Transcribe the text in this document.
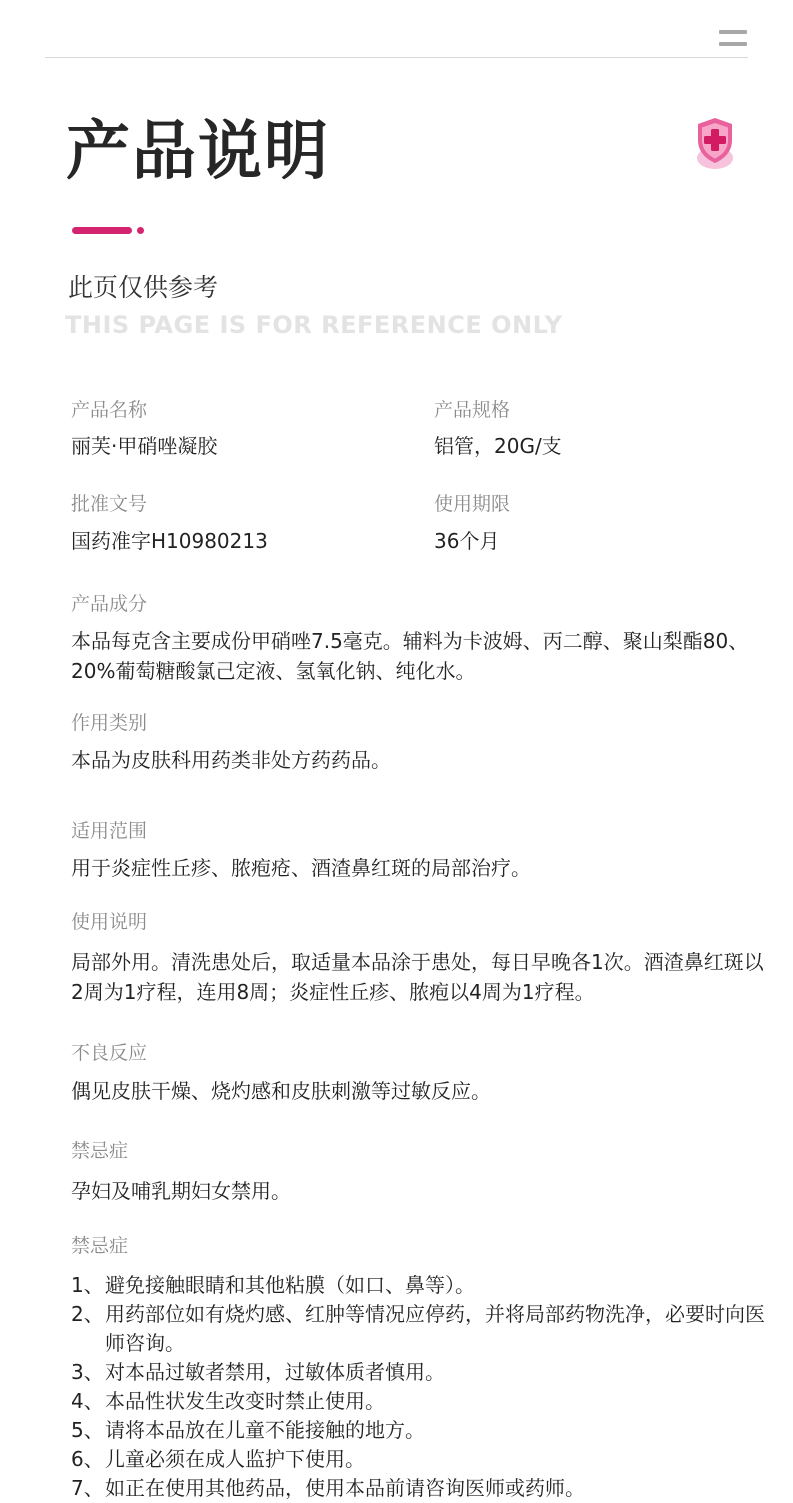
产品说明
此页仅供参考
THIS PAGE IS FOR REFERENCE ONLY
产品名称
丽芙·甲硝唑凝胶
产品规格
铝管，20G/支
批准文号
国药准字H10980213
使用期限
36个月
产品成分
本品每克含主要成份甲硝唑7.5毫克。辅料为卡波姆、丙二醇、聚山梨酯80、20%葡萄糖酸氯己定液、氢氧化钠、纯化水。
作用类别
本品为皮肤科用药类非处方药药品。
适用范围
用于炎症性丘疹、脓疱疮、酒渣鼻红斑的局部治疗。
使用说明
局部外用。清洗患处后，取适量本品涂于患处，每日早晚各1次。酒渣鼻红斑以2周为1疗程，连用8周；炎症性丘疹、脓疱以4周为1疗程。
不良反应
偶见皮肤干燥、烧灼感和皮肤刺激等过敏反应。
禁忌症
孕妇及哺乳期妇女禁用。
禁忌症
1、 避免接触眼睛和其他粘膜（如口、鼻等）。
2、 用药部位如有烧灼感、红肿等情况应停药，并将局部药物洗净，必要时向医师咨询。
3、 对本品过敏者禁用，过敏体质者慎用。
4、 本品性状发生改变时禁止使用。
5、 请将本品放在儿童不能接触的地方。
6、 儿童必须在成人监护下使用。
7、 如正在使用其他药品，使用本品前请咨询医师或药师。
